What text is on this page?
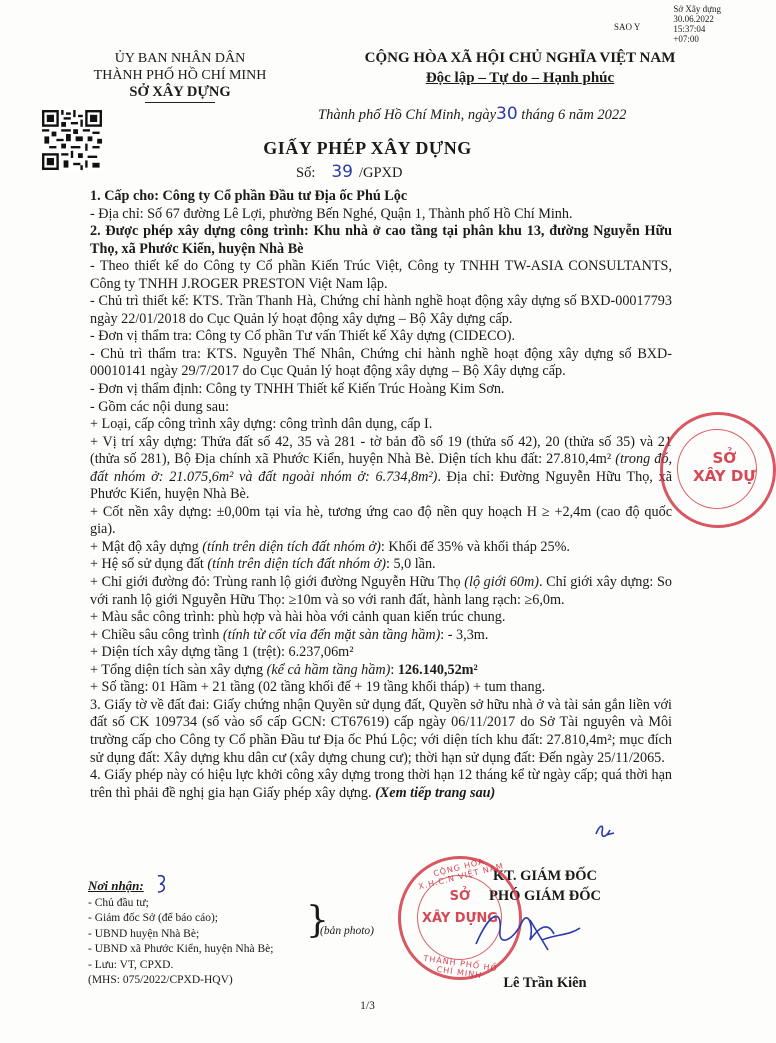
Sở Xây dựng
30.06.2022
15:37:04
+07:00
SAO Y
ỦY BAN NHÂN DÂN
THÀNH PHỐ HỒ CHÍ MINH
SỞ XÂY DỰNG
CỘNG HÒA XÃ HỘI CHỦ NGHĨA VIỆT NAM
Độc lập – Tự do – Hạnh phúc
Thành phố Hồ Chí Minh, ngày30 tháng 6 năm 2022
GIẤY PHÉP XÂY DỰNG
Số: 39 /GPXD

1. Cấp cho: Công ty Cổ phần Đầu tư Địa ốc Phú Lộc

- Địa chỉ: Số 67 đường Lê Lợi, phường Bến Nghé, Quận 1, Thành phố Hồ Chí Minh.

2. Được phép xây dựng công trình: Khu nhà ở cao tầng tại phân khu 13, đường Nguyễn Hữu Thọ, xã Phước Kiển, huyện Nhà Bè

- Theo thiết kế do Công ty Cổ phần Kiến Trúc Việt, Công ty TNHH TW-ASIA CONSULTANTS, Công ty TNHH J.ROGER PRESTON Việt Nam lập.

- Chủ trì thiết kế: KTS. Trần Thanh Hà, Chứng chỉ hành nghề hoạt động xây dựng số BXD-00017793 ngày 22/01/2018 do Cục Quản lý hoạt động xây dựng – Bộ Xây dựng cấp.

- Đơn vị thẩm tra: Công ty Cổ phần Tư vấn Thiết kế Xây dựng (CIDECO).

- Chủ trì thẩm tra: KTS. Nguyễn Thế Nhân, Chứng chỉ hành nghề hoạt động xây dựng số BXD-00010141 ngày 29/7/2017 do Cục Quản lý hoạt động xây dựng – Bộ Xây dựng cấp.

- Đơn vị thẩm định: Công ty TNHH Thiết kế Kiến Trúc Hoàng Kim Sơn.

- Gồm các nội dung sau:

+ Loại, cấp công trình xây dựng: công trình dân dụng, cấp I.

+ Vị trí xây dựng: Thửa đất số 42, 35 và 281 - tờ bản đồ số 19 (thửa số 42), 20 (thửa số 35) và 21 (thửa số 281), Bộ Địa chính xã Phước Kiển, huyện Nhà Bè. Diện tích khu đất: 27.810,4m² (trong đó, đất nhóm ở: 21.075,6m² và đất ngoài nhóm ở: 6.734,8m²). Địa chỉ: Đường Nguyễn Hữu Thọ, xã Phước Kiển, huyện Nhà Bè.

+ Cốt nền xây dựng: ±0,00m tại vỉa hè, tương ứng cao độ nền quy hoạch H ≥ +2,4m (cao độ quốc gia).

+ Mật độ xây dựng (tính trên diện tích đất nhóm ở): Khối đế 35% và khối tháp 25%.

+ Hệ số sử dụng đất (tính trên diện tích đất nhóm ở): 5,0 lần.

+ Chỉ giới đường đỏ: Trùng ranh lộ giới đường Nguyễn Hữu Thọ (lộ giới 60m). Chỉ giới xây dựng: So với ranh lộ giới Nguyễn Hữu Thọ: ≥10m và so với ranh đất, hành lang rạch: ≥6,0m.

+ Màu sắc công trình: phù hợp và hài hòa với cảnh quan kiến trúc chung.

+ Chiều sâu công trình (tính từ cốt vỉa đến mặt sàn tầng hầm): - 3,3m.

+ Diện tích xây dựng tầng 1 (trệt): 6.237,06m²

+ Tổng diện tích sàn xây dựng (kể cả hầm tầng hầm): 126.140,52m²

+ Số tầng: 01 Hầm + 21 tầng (02 tầng khối đế + 19 tầng khối tháp) + tum thang.

3. Giấy tờ về đất đai: Giấy chứng nhận Quyền sử dụng đất, Quyền sở hữu nhà ở và tài sản gắn liền với đất số CK 109734 (số vào sổ cấp GCN: CT67619) cấp ngày 06/11/2017 do Sở Tài nguyên và Môi trường cấp cho Công ty Cổ phần Đầu tư Địa ốc Phú Lộc; với diện tích khu đất: 27.810,4m²; mục đích sử dụng đất: Xây dựng khu dân cư (xây dựng chung cư); thời hạn sử dụng đất: Đến ngày 25/11/2065.

4. Giấy phép này có hiệu lực khởi công xây dựng trong thời hạn 12 tháng kể từ ngày cấp; quá thời hạn trên thì phải đề nghị gia hạn Giấy phép xây dựng. (Xem tiếp trang sau)

SỞ
XÂY DỰ
Nơi nhận:
- Chủ đầu tư;
- Giám đốc Sở (để báo cáo);
- UBND huyện Nhà Bè;
- UBND xã Phước Kiển, huyện Nhà Bè;
- Lưu: VT, CPXD.
(MHS: 075/2022/CPXD-HQV)
}
(bản photo)
KT. GIÁM ĐỐC
PHÓ GIÁM ĐỐC
SỞ
XÂY DỰNG
CỘNG HÒA X.H.C.N VIỆT NAM
THÀNH PHỐ HỒ CHÍ MINH
Lê Trần Kiên
1/3
